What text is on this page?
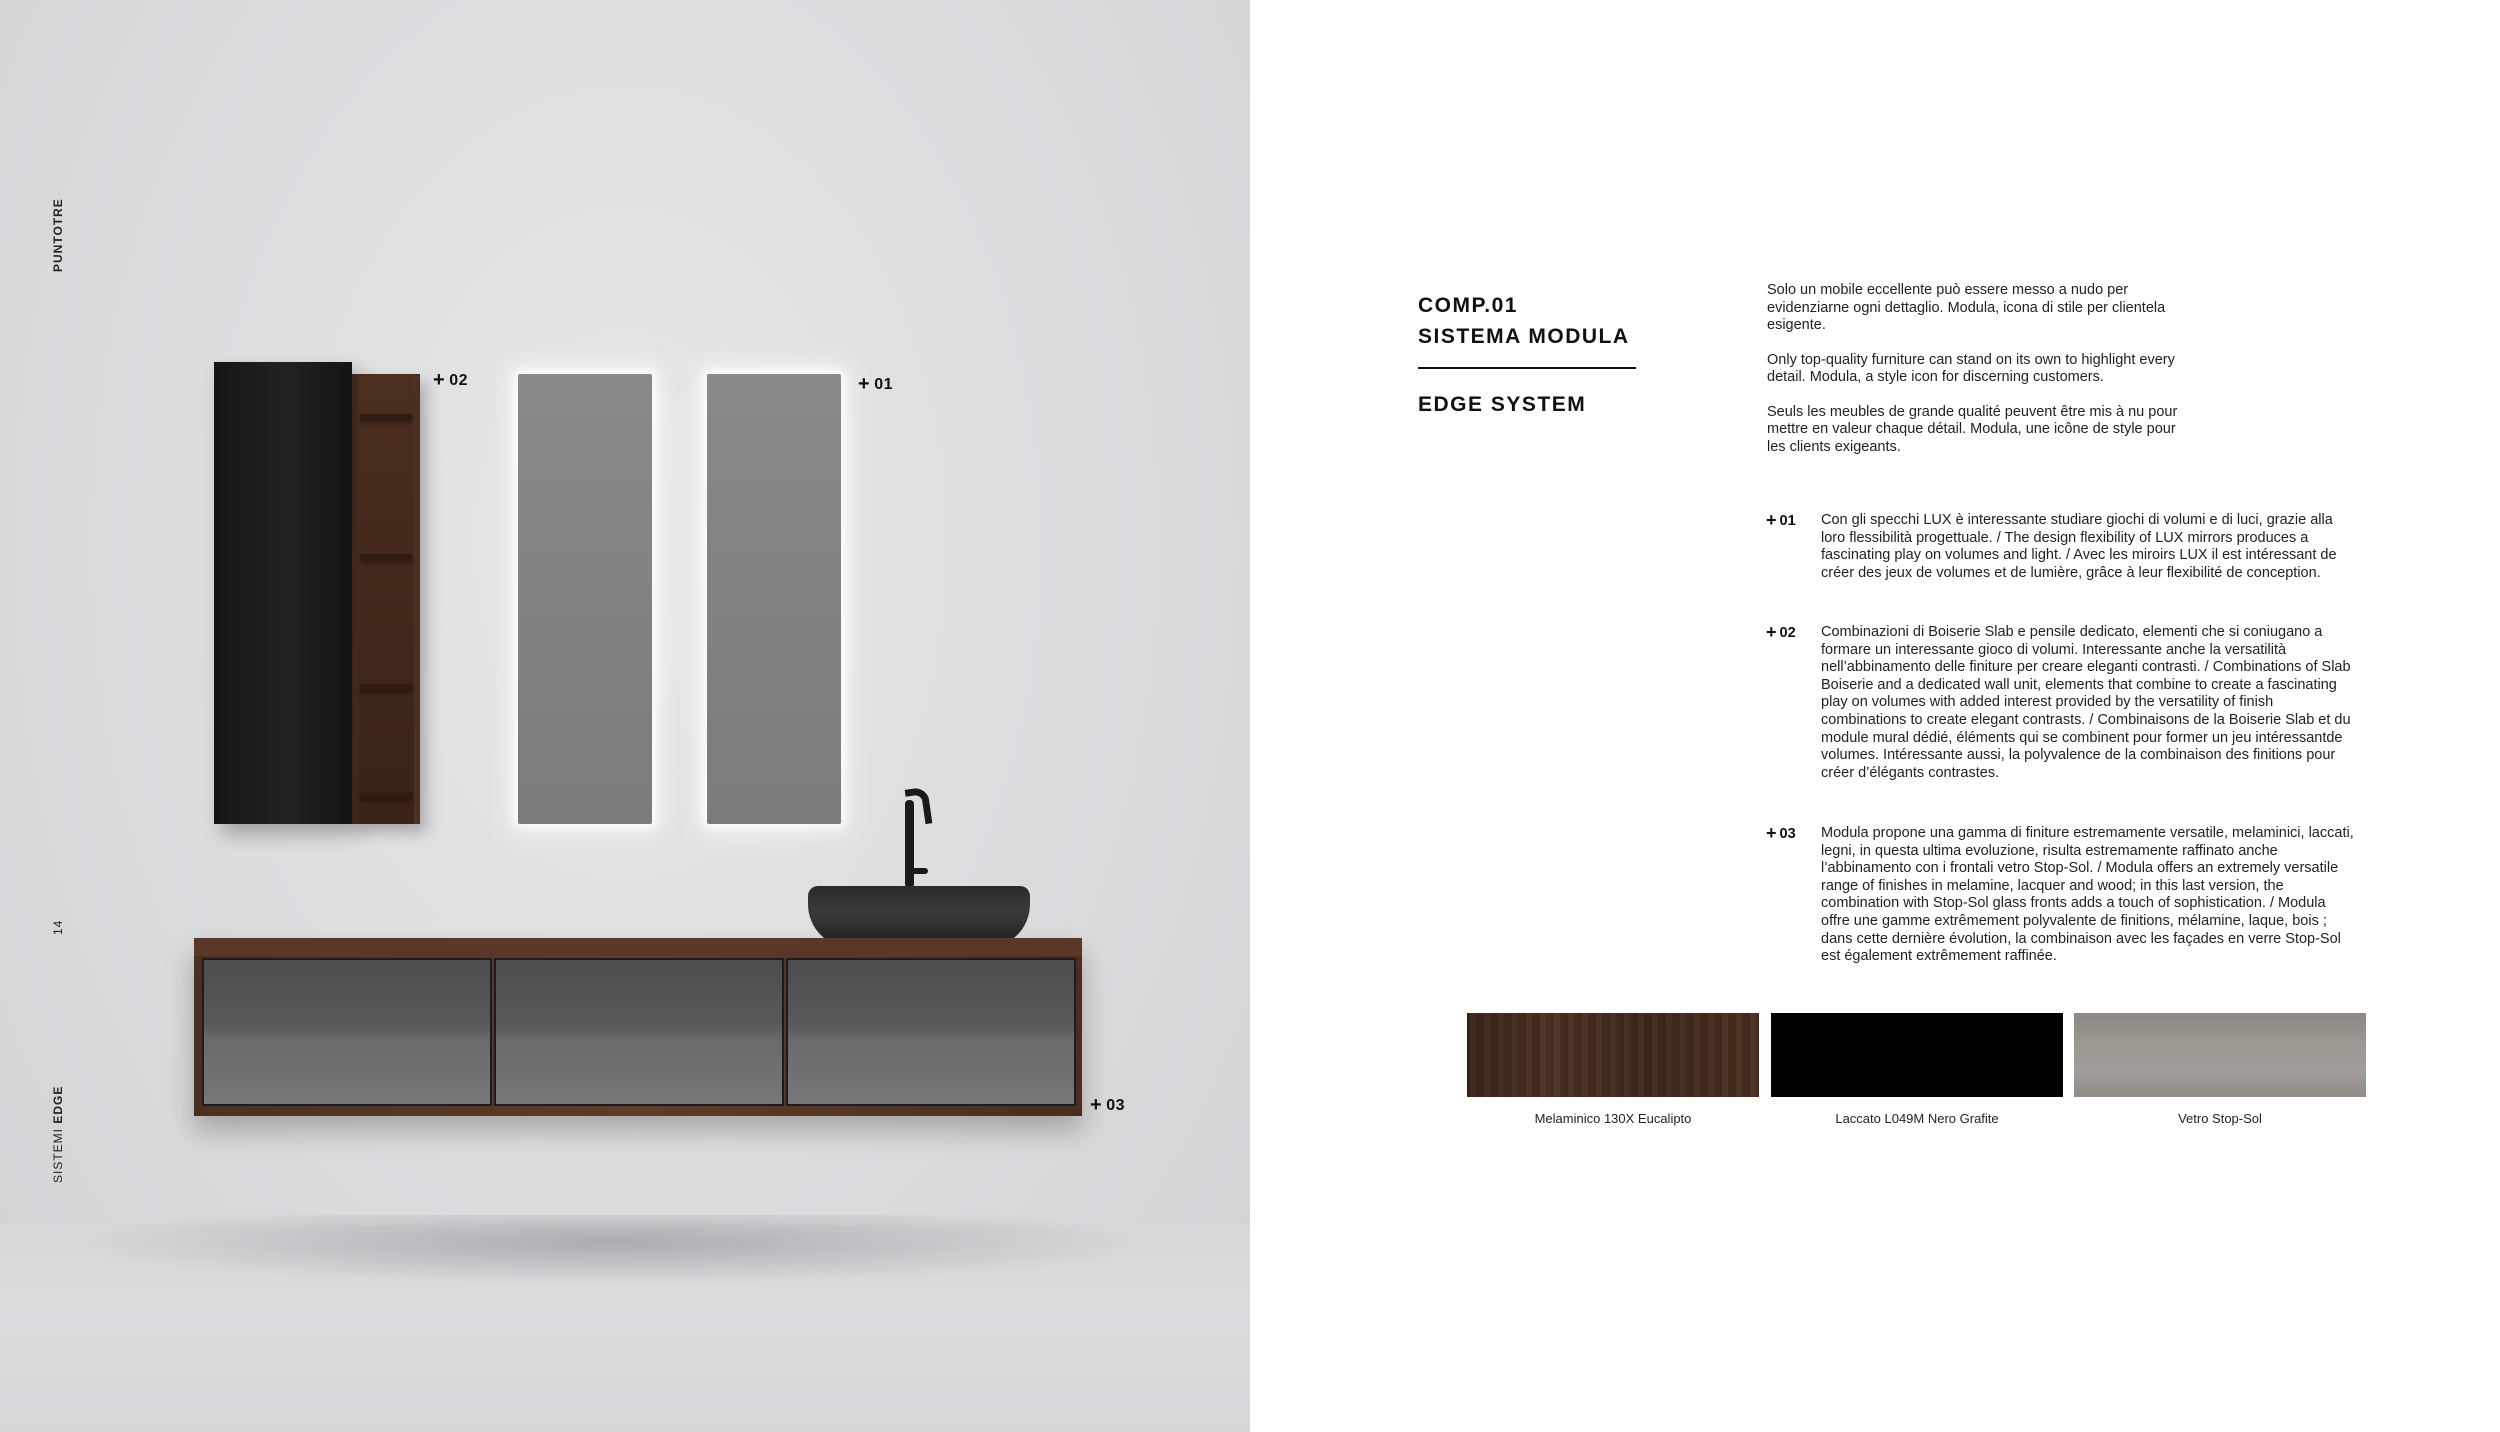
PUNTOTRE
14
SISTEMI EDGE
+ 02	+ 01
+ 03
COMP.01
SISTEMA MODULA
EDGE SYSTEM

Solo un mobile eccellente può essere messo a nudo per evidenziarne ogni dettaglio. Modula, icona di stile per clientela esigente.

Only top-quality furniture can stand on its own to highlight every detail. Modula, a style icon for discerning customers.

Seuls les meubles de grande qualité peuvent être mis à nu pour mettre en valeur chaque détail. Modula, une icône de style pour les clients exigeants.

+ 01 Con gli specchi LUX è interessante studiare giochi di volumi e di luci, grazie alla loro flessibilità progettuale. / The design flexibility of LUX mirrors produces a fascinating play on volumes and light. / Avec les miroirs LUX il est intéressant de créer des jeux de volumes et de lumière, grâce à leur flexibilité de conception.
+ 02 Combinazioni di Boiserie Slab e pensile dedicato, elementi che si coniugano a formare un interessante gioco di volumi. Interessante anche la versatilità nell’abbinamento delle finiture per creare eleganti contrasti. / Combinations of Slab Boiserie and a dedicated wall unit, elements that combine to create a fascinating play on volumes with added interest provided by the versatility of finish combinations to create elegant contrasts. / Combinaisons de la Boiserie Slab et du module mural dédié, éléments qui se combinent pour former un jeu intéressantde volumes. Intéressante aussi, la polyvalence de la combinaison des finitions pour créer d’élégants contrastes.
+ 03 Modula propone una gamma di finiture estremamente versatile, melaminici, laccati, legni, in questa ultima evoluzione, risulta estremamente raffinato anche l’abbinamento con i frontali vetro Stop-Sol. / Modula offers an extremely versatile range of finishes in melamine, lacquer and wood; in this last version, the combination with Stop-Sol glass fronts adds a touch of sophistication. / Modula offre une gamme extrêmement polyvalente de finitions, mélamine, laque, bois ; dans cette dernière évolution, la combinaison avec les façades en verre Stop-Sol est également extrêmement raffinée.
Melaminico 130X Eucalipto	Laccato L049M Nero Grafite	Vetro Stop-Sol
